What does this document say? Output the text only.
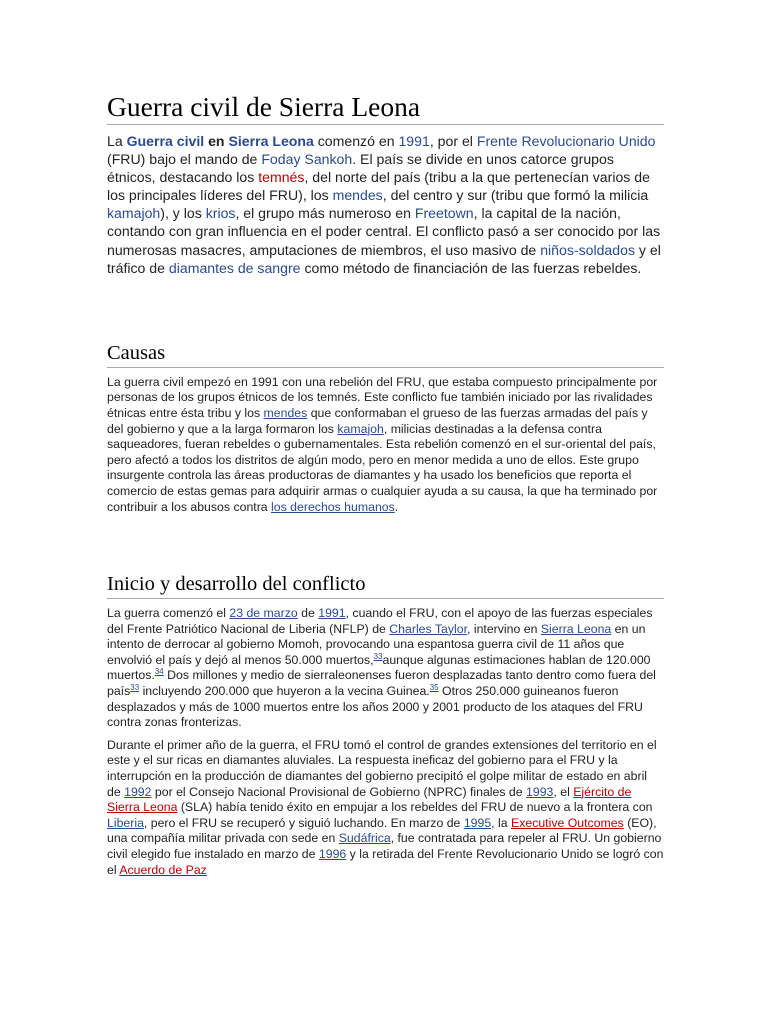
Guerra civil de Sierra Leona

La Guerra civil en Sierra Leona comenzó en 1991, por el Frente Revolucionario Unido (FRU) bajo el mando de Foday Sankoh. El país se divide en unos catorce grupos étnicos, destacando los temnés, del norte del país (tribu a la que pertenecían varios de los principales líderes del FRU), los mendes, del centro y sur (tribu que formó la milicia kamajoh), y los krios, el grupo más numeroso en Freetown, la capital de la nación, contando con gran influencia en el poder central. El conflicto pasó a ser conocido por las numerosas masacres, amputaciones de miembros, el uso masivo de niños-soldados y el tráfico de diamantes de sangre como método de financiación de las fuerzas rebeldes.

Causas

La guerra civil empezó en 1991 con una rebelión del FRU, que estaba compuesto principalmente por personas de los grupos étnicos de los temnés. Este conflicto fue también iniciado por las rivalidades étnicas entre ésta tribu y los mendes que conformaban el grueso de las fuerzas armadas del país y del gobierno y que a la larga formaron los kamajoh, milicias destinadas a la defensa contra saqueadores, fueran rebeldes o gubernamentales. Esta rebelión comenzó en el sur-oriental del país, pero afectó a todos los distritos de algún modo, pero en menor medida a uno de ellos. Este grupo insurgente controla las áreas productoras de diamantes y ha usado los beneficios que reporta el comercio de estas gemas para adquirir armas o cualquier ayuda a su causa, la que ha terminado por contribuir a los abusos contra los derechos humanos.

Inicio y desarrollo del conflicto

La guerra comenzó el 23 de marzo de 1991, cuando el FRU, con el apoyo de las fuerzas especiales del Frente Patriótico Nacional de Liberia (NFLP) de Charles Taylor, intervino en Sierra Leona en un intento de derrocar al gobierno Momoh, provocando una espantosa guerra civil de 11 años que envolvió el país y dejó al menos 50.000 muertos,$^{33}$aunque algunas estimaciones hablan de 120.000 muertos.$^{34}$ Dos millones y medio de sierraleonenses fueron desplazadas tanto dentro como fuera del país$^{33}$ incluyendo 200.000 que huyeron a la vecina Guinea.$^{35}$ Otros 250.000 guineanos fueron desplazados y más de 1000 muertos entre los años 2000 y 2001 producto de los ataques del FRU contra zonas fronterizas.

Durante el primer año de la guerra, el FRU tomó el control de grandes extensiones del territorio en el este y el sur ricas en diamantes aluviales. La respuesta ineficaz del gobierno para el FRU y la interrupción en la producción de diamantes del gobierno precipitó el golpe militar de estado en abril de 1992 por el Consejo Nacional Provisional de Gobierno (NPRC) finales de 1993, el Ejército de Sierra Leona (SLA) había tenido éxito en empujar a los rebeldes del FRU de nuevo a la frontera con Liberia, pero el FRU se recuperó y siguió luchando. En marzo de 1995, la Executive Outcomes (EO), una compañía militar privada con sede en Sudáfrica, fue contratada para repeler al FRU. Un gobierno civil elegido fue instalado en marzo de 1996 y la retirada del Frente Revolucionario Unido se logró con el Acuerdo de Paz
